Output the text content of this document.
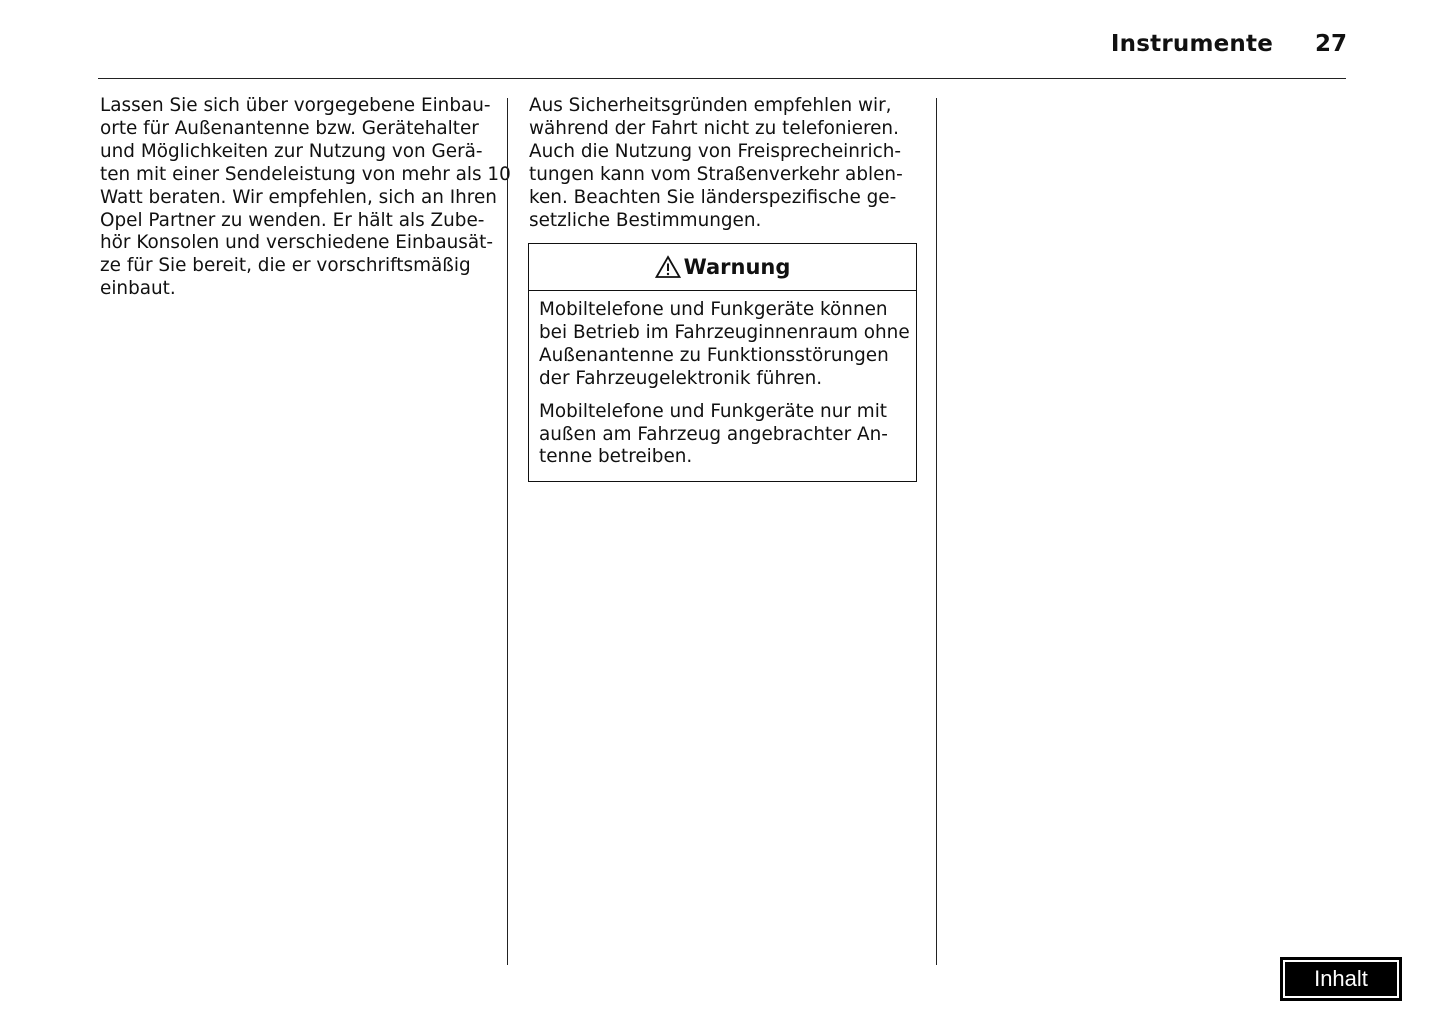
Instrumente 27
Lassen Sie sich über vorgegebene Einbau-
orte für Außenantenne bzw. Gerätehalter
und Möglichkeiten zur Nutzung von Gerä-
ten mit einer Sendeleistung von mehr als 10
Watt beraten. Wir empfehlen, sich an Ihren
Opel Partner zu wenden. Er hält als Zube-
hör Konsolen und verschiedene Einbausät-
ze für Sie bereit, die er vorschriftsmäßig
einbaut.
Aus Sicherheitsgründen empfehlen wir,
während der Fahrt nicht zu telefonieren.
Auch die Nutzung von Freisprecheinrich-
tungen kann vom Straßenverkehr ablen-
ken. Beachten Sie länderspezifische ge-
setzliche Bestimmungen.
Warnung

Mobiltelefone und Funkgeräte können
bei Betrieb im Fahrzeuginnenraum ohne
Außenantenne zu Funktionsstörungen
der Fahrzeugelektronik führen.

Mobiltelefone und Funkgeräte nur mit
außen am Fahrzeug angebrachter An-
tenne betreiben.

Inhalt
